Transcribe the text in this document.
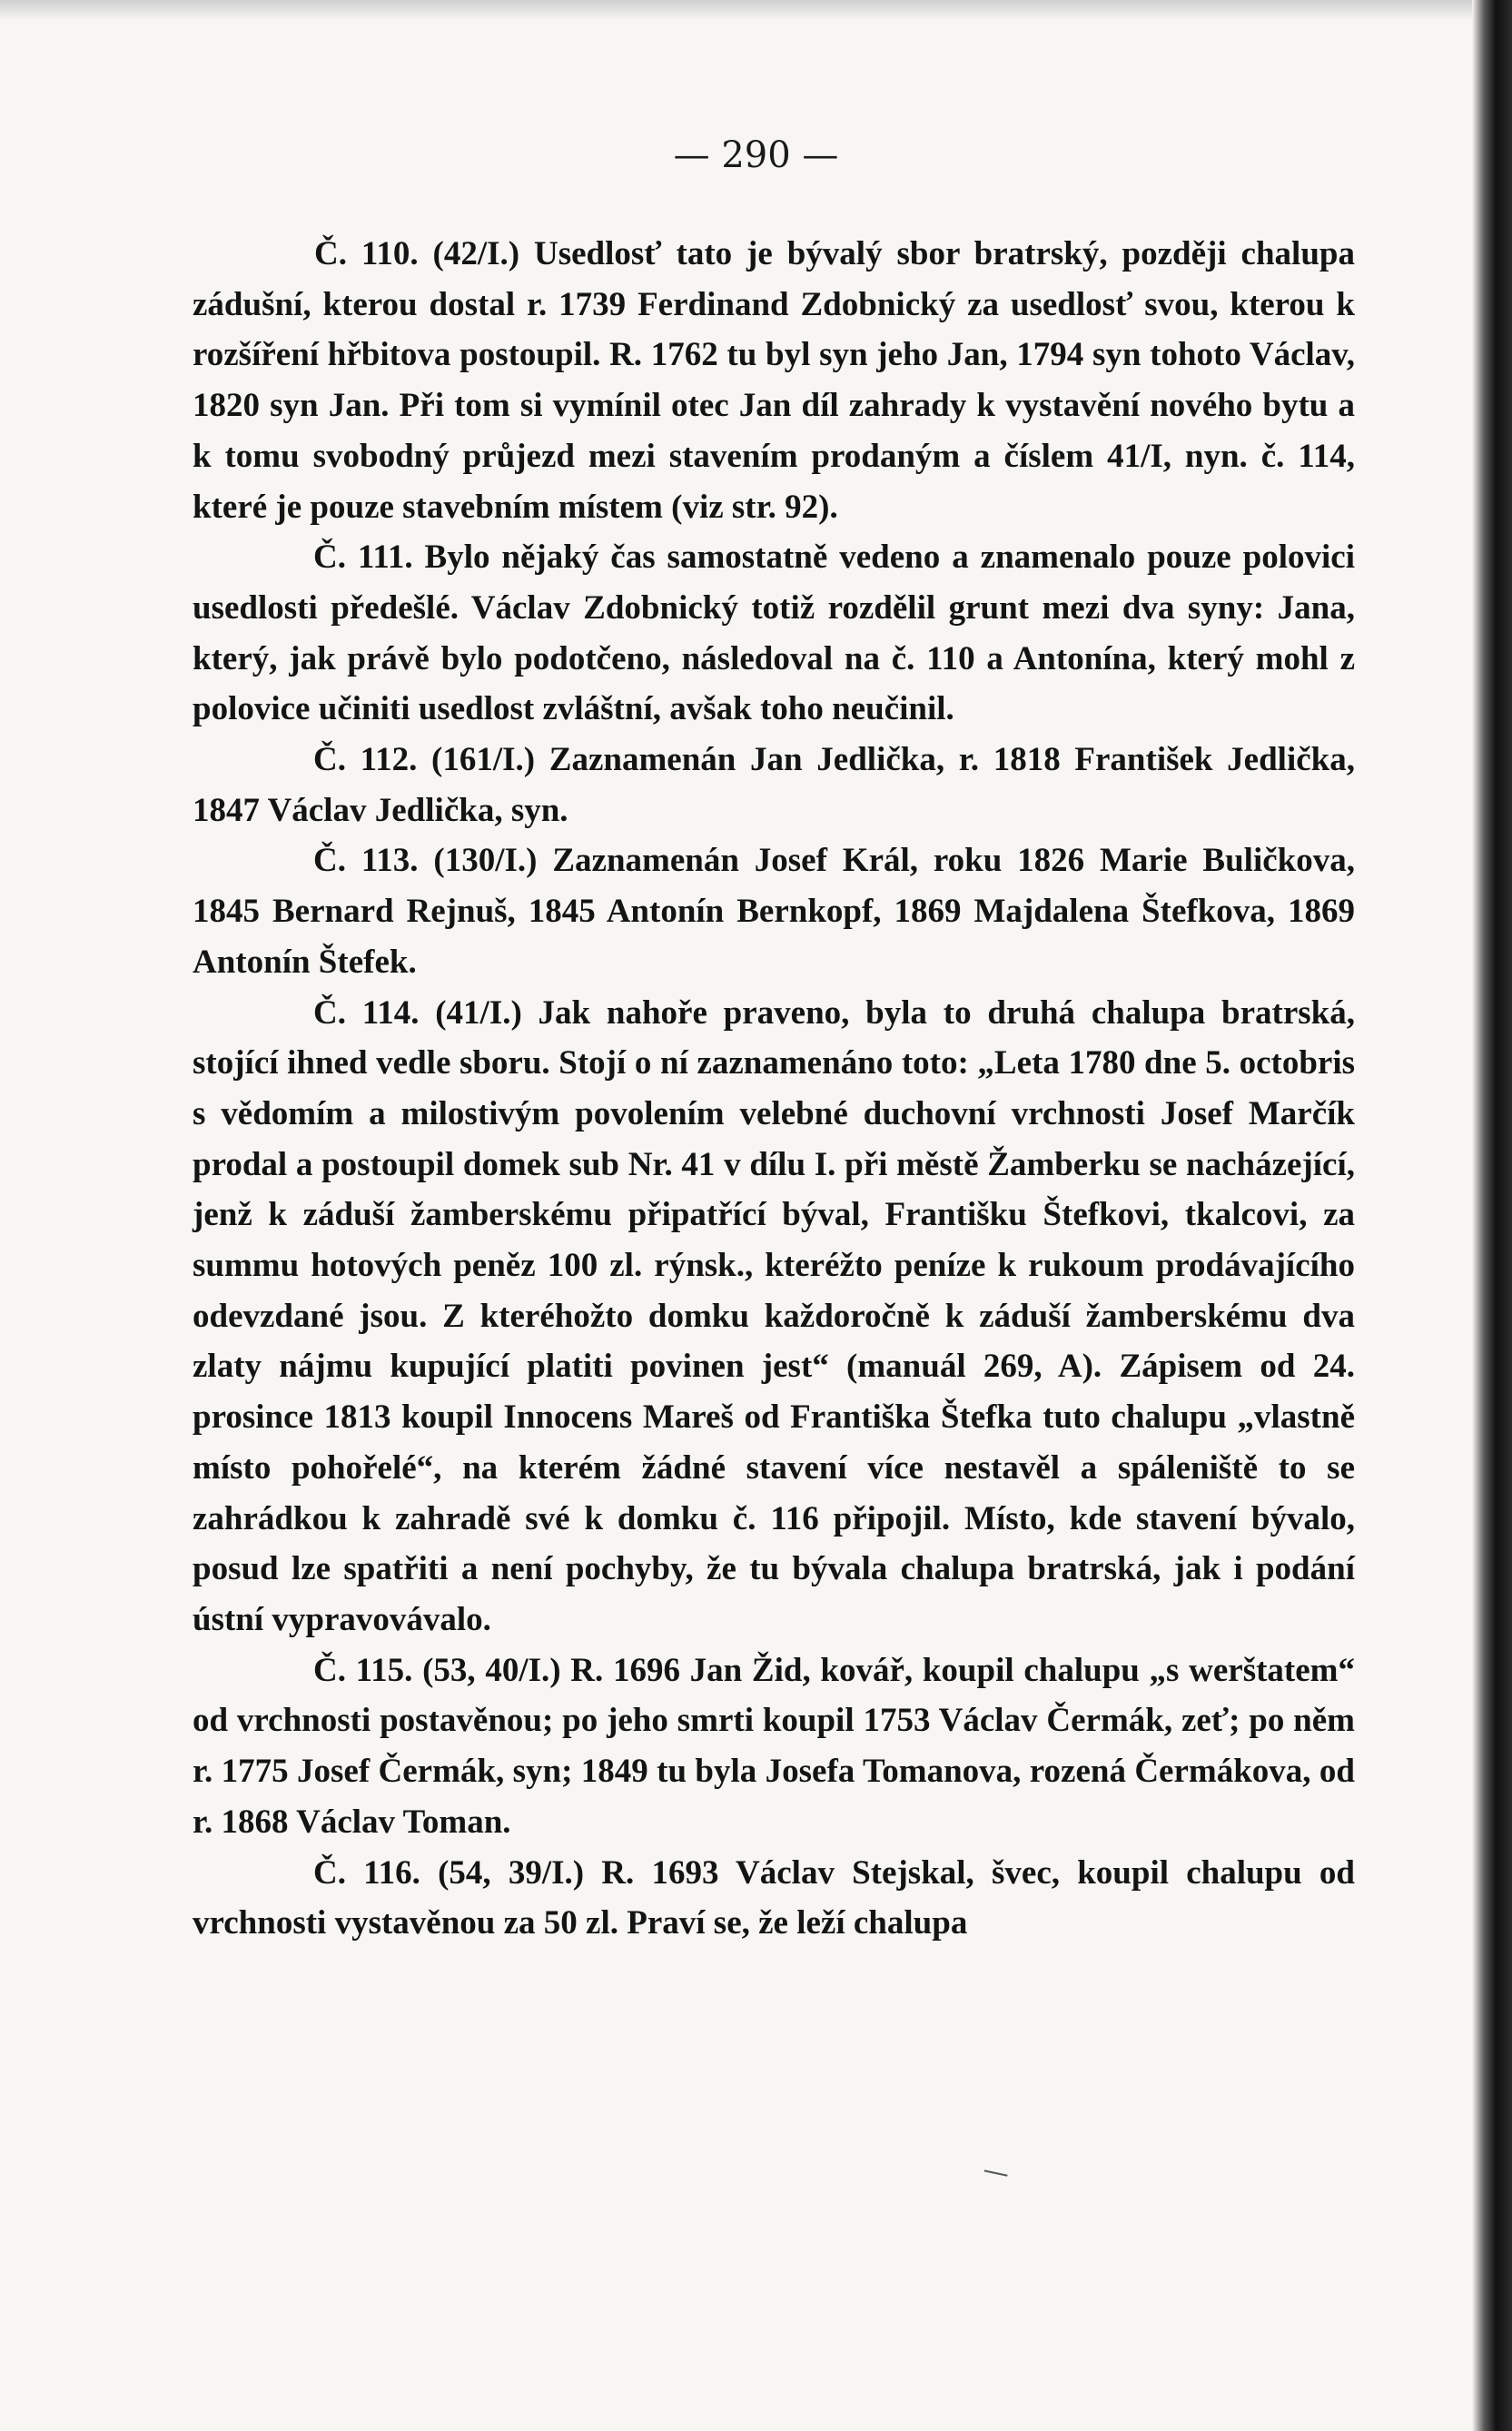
— 290 —

Č. 110. (42/I.) Usedlosť tato je bývalý sbor bratrský, později chalupa zádušní, kterou dostal r. 1739 Ferdinand Zdobnický za usedlosť svou, kterou k rozšíření hřbitova postoupil. R. 1762 tu byl syn jeho Jan, 1794 syn tohoto Václav, 1820 syn Jan. Při tom si vymínil otec Jan díl zahrady k vystavění nového bytu a k tomu svobodný průjezd mezi stavením prodaným a číslem 41/I, nyn. č. 114, které je pouze stavebním místem (viz str. 92).

Č. 111. Bylo nějaký čas samostatně vedeno a znamenalo pouze polovici usedlosti předešlé. Václav Zdobnický totiž rozdělil grunt mezi dva syny: Jana, který, jak právě bylo podotčeno, následoval na č. 110 a Antonína, který mohl z polovice učiniti usedlost zvláštní, avšak toho neučinil.

Č. 112. (161/I.) Zaznamenán Jan Jedlička, r. 1818 František Jedlička, 1847 Václav Jedlička, syn.

Č. 113. (130/I.) Zaznamenán Josef Král, roku 1826 Marie Buličkova, 1845 Bernard Rejnuš, 1845 Antonín Bernkopf, 1869 Majdalena Štefkova, 1869 Antonín Štefek.

Č. 114. (41/I.) Jak nahoře praveno, byla to druhá chalupa bratrská, stojící ihned vedle sboru. Stojí o ní zaznamenáno toto: „Leta 1780 dne 5. octobris s vědomím a milostivým povolením velebné duchovní vrchnosti Josef Marčík prodal a postoupil domek sub Nr. 41 v dílu I. při městě Žamberku se nacházející, jenž k záduší žamberskému připatřící býval, Františku Štefkovi, tkalcovi, za summu hotových peněz 100 zl. rýnsk., kteréžto peníze k rukoum prodávajícího odevzdané jsou. Z kteréhožto domku každoročně k záduší žamberskému dva zlaty nájmu kupující platiti povinen jest“ (manuál 269, A). Zápisem od 24. prosince 1813 koupil Innocens Mareš od Františka Štefka tuto chalupu „vlastně místo pohořelé“, na kterém žádné stavení více nestavěl a spáleniště to se zahrádkou k zahradě své k domku č. 116 připojil. Místo, kde stavení bývalo, posud lze spatřiti a není pochyby, že tu bývala chalupa bratrská, jak i podání ústní vypravovávalo.

Č. 115. (53, 40/I.) R. 1696 Jan Žid, kovář, koupil chalupu „s werštatem“ od vrchnosti postavěnou; po jeho smrti koupil 1753 Václav Čermák, zeť; po něm r. 1775 Josef Čermák, syn; 1849 tu byla Josefa Tomanova, rozená Čermákova, od r. 1868 Václav Toman.

Č. 116. (54, 39/I.) R. 1693 Václav Stejskal, švec, koupil chalupu od vrchnosti vystavěnou za 50 zl. Praví se, že leží chalupa
